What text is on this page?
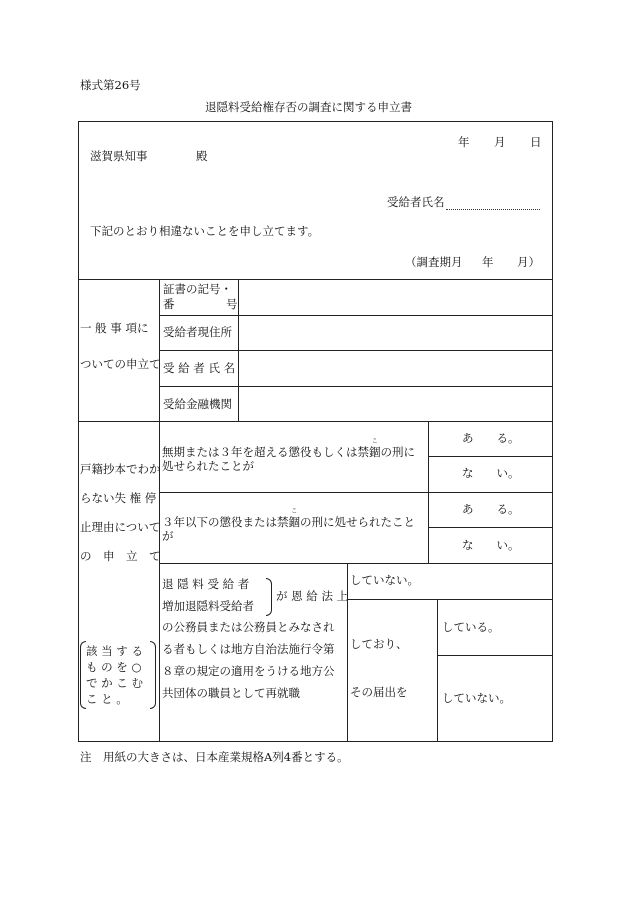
様式第26号
退隠料受給権存否の調査に関する申立書
年 月 日
滋賀県知事	殿
受給者氏名
下記のとおり相違ないことを申し立てます。
（調査期月 年 月）
一 般 事 項に
ついての申立て
証書の記号・
番	号
受給者現住所
受 給 者 氏 名
受給金融機関
戸籍抄本でわか
らない失 権 停
止理由について
の　申　立　て
無期または３年を超える懲役もしくは禁
こ
錮の刑に
処せられたことが
あ　　る。
な　　い。
３年以下の懲役または禁
こ
錮の刑に処せられたこと
が
あ　　る。
な　　い。
該 当 す る
も の を ○
で か こ む
こ と 。
退 隠 料 受 給 者
増加退隠料受給者
が 恩 給 法 上
の公務員または公務員とみなされ
る者もしくは地方自治法施行令第
８章の規定の適用をうける地方公
共団体の職員として再就職
していない。
しており、
その届出を
している。
していない。
注　用紙の大きさは、日本産業規格A列4番とする。
